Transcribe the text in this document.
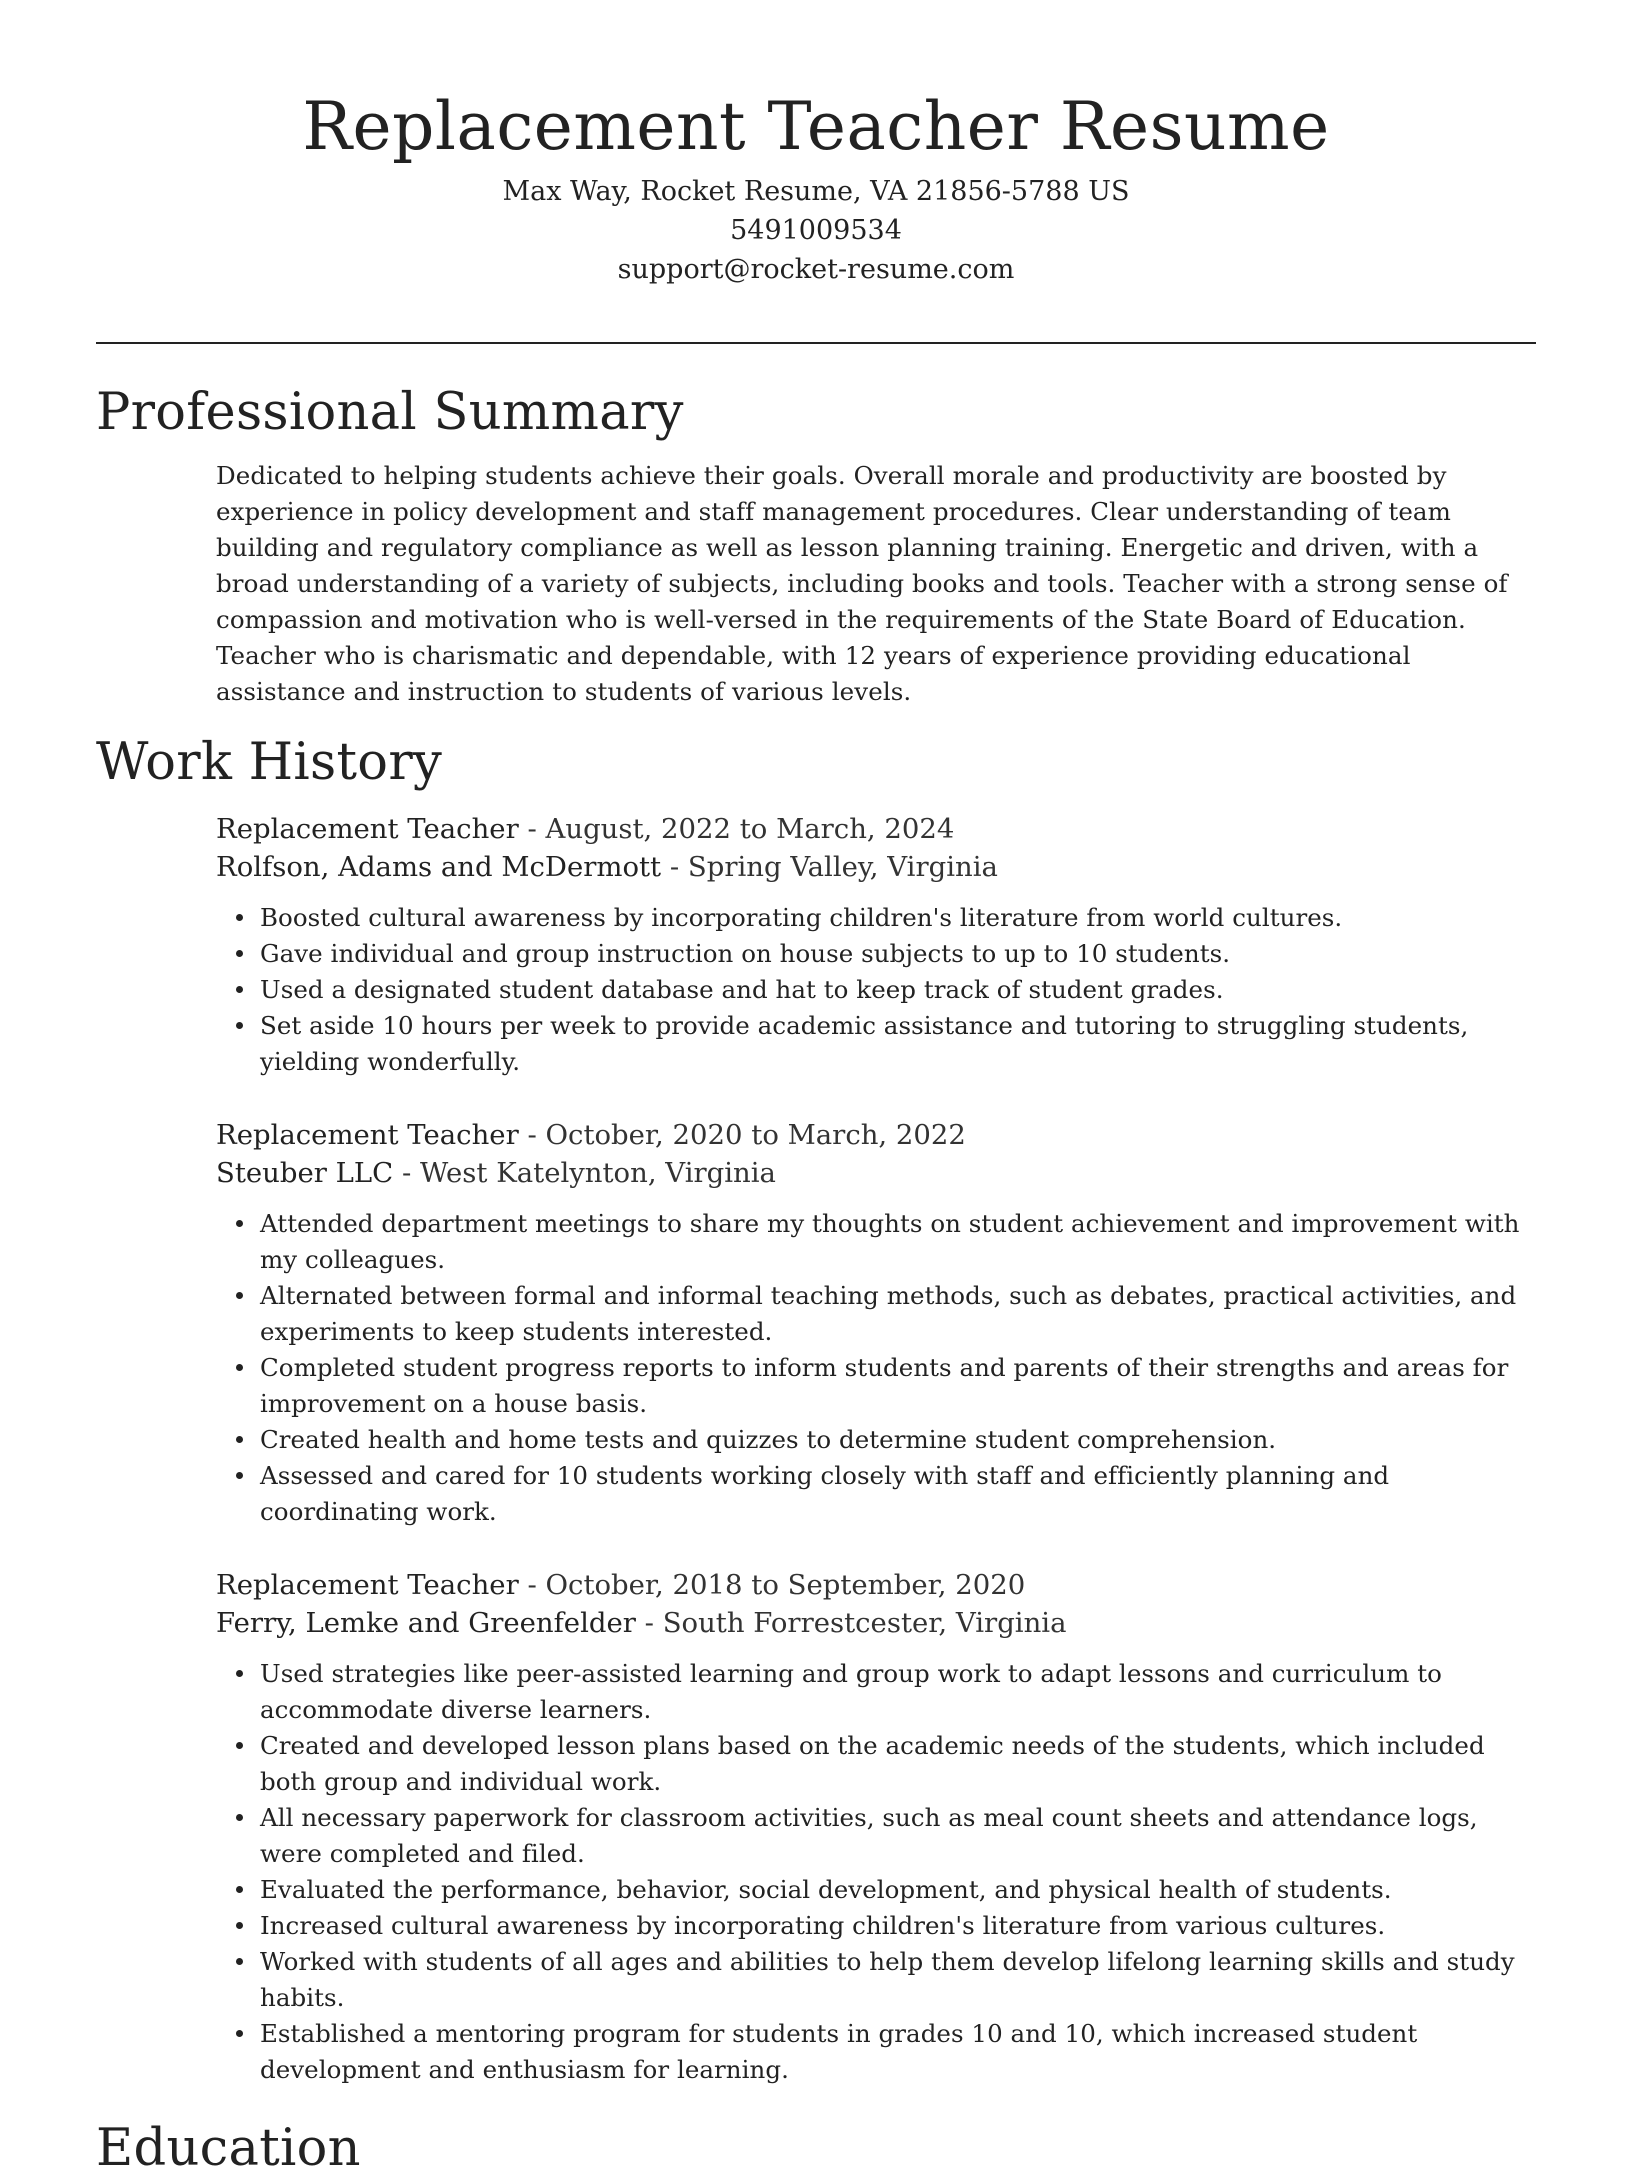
Replacement Teacher Resume
Max Way, Rocket Resume, VA 21856-5788 US
5491009534
support@rocket-resume.com
Professional Summary

Dedicated to helping students achieve their goals. Overall morale and productivity are boosted by experience in policy development and staff management procedures. Clear understanding of team building and regulatory compliance as well as lesson planning training. Energetic and driven, with a broad understanding of a variety of subjects, including books and tools. Teacher with a strong sense of compassion and motivation who is well-versed in the requirements of the State Board of Education. Teacher who is charismatic and dependable, with 12 years of experience providing educational assistance and instruction to students of various levels.

Work History
Replacement Teacher - August, 2022 to March, 2024
Rolfson, Adams and McDermott - Spring Valley, Virginia
Boosted cultural awareness by incorporating children's literature from world cultures.
Gave individual and group instruction on house subjects to up to 10 students.
Used a designated student database and hat to keep track of student grades.
Set aside 10 hours per week to provide academic assistance and tutoring to struggling students, yielding wonderfully.
Replacement Teacher - October, 2020 to March, 2022
Steuber LLC - West Katelynton, Virginia
Attended department meetings to share my thoughts on student achievement and improvement with my colleagues.
Alternated between formal and informal teaching methods, such as debates, practical activities, and experiments to keep students interested.
Completed student progress reports to inform students and parents of their strengths and areas for improvement on a house basis.
Created health and home tests and quizzes to determine student comprehension.
Assessed and cared for 10 students working closely with staff and efficiently planning and coordinating work.
Replacement Teacher - October, 2018 to September, 2020
Ferry, Lemke and Greenfelder - South Forrestcester, Virginia
Used strategies like peer-assisted learning and group work to adapt lessons and curriculum to accommodate diverse learners.
Created and developed lesson plans based on the academic needs of the students, which included both group and individual work.
All necessary paperwork for classroom activities, such as meal count sheets and attendance logs, were completed and filed.
Evaluated the performance, behavior, social development, and physical health of students.
Increased cultural awareness by incorporating children's literature from various cultures.
Worked with students of all ages and abilities to help them develop lifelong learning skills and study habits.
Established a mentoring program for students in grades 10 and 10, which increased student development and enthusiasm for learning.
Education
